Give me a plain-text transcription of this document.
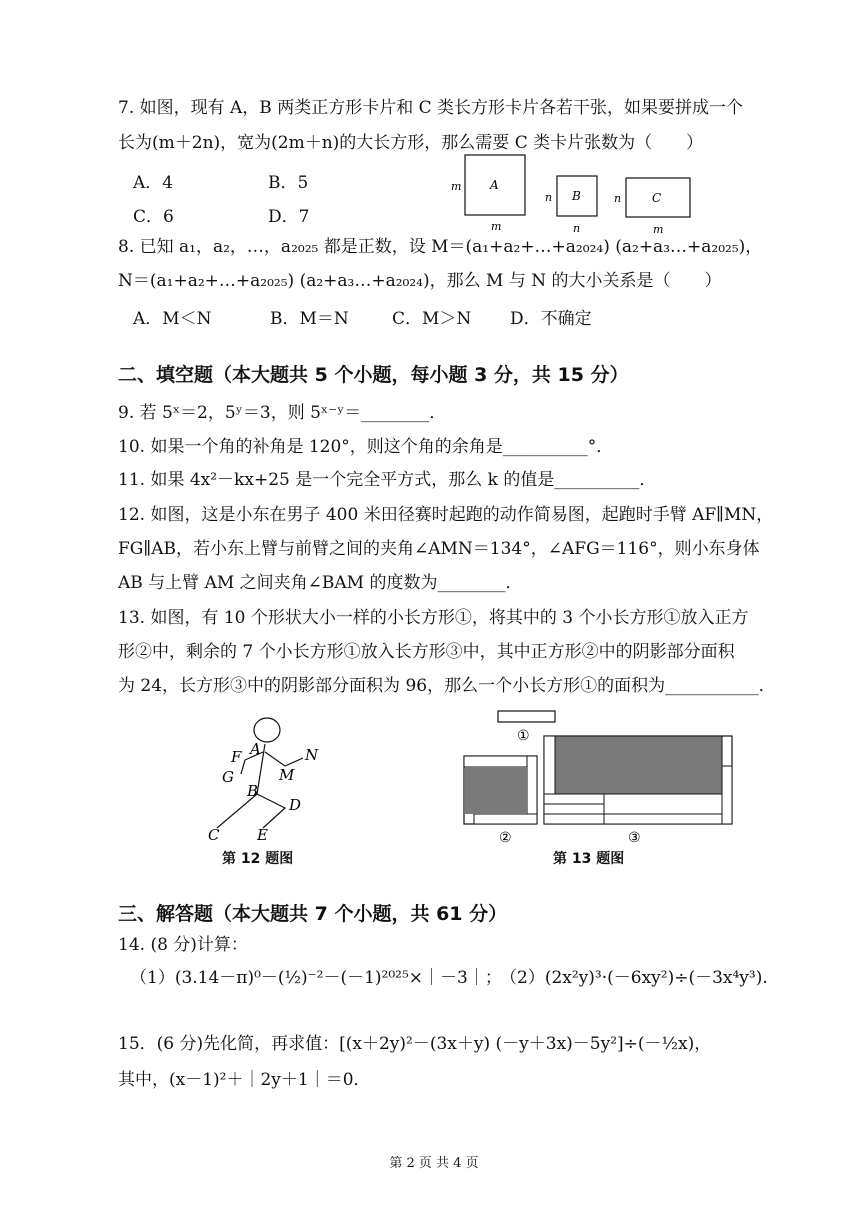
7. 如图，现有 A，B 两类正方形卡片和 C 类长方形卡片各若干张，如果要拼成一个
长为(m＋2n)，宽为(2m＋n)的大长方形，那么需要 C 类卡片张数为（　　）
A．4	B．5
C．6	D．7
A
m
m
B
n
n
C
n
m
8. 已知 a₁，a₂，…，a₂₀₂₅ 都是正数，设 M＝(a₁+a₂+…+a₂₀₂₄) (a₂+a₃…+a₂₀₂₅)，
N＝(a₁+a₂+…+a₂₀₂₅) (a₂+a₃…+a₂₀₂₄)，那么 M 与 N 的大小关系是（　　）
A．M＜N	B．M＝N	C．M＞N D．不确定
二、填空题（本大题共 5 个小题，每小题 3 分，共 15 分）
9. 若 5ˣ＝2，5ʸ＝3，则 5ˣ⁻ʸ＝________．
10. 如果一个角的补角是 120°，则这个角的余角是__________°．
11. 如果 4x²－kx+25 是一个完全平方式，那么 k 的值是__________．
12. 如图，这是小东在男子 400 米田径赛时起跑的动作简易图，起跑时手臂 AF∥MN，
FG∥AB，若小东上臂与前臂之间的夹角∠AMN＝134°，∠AFG＝116°，则小东身体
AB 与上臂 AM 之间夹角∠BAM 的度数为________．
13. 如图，有 10 个形状大小一样的小长方形①，将其中的 3 个小长方形①放入正方
形②中，剩余的 7 个小长方形①放入长方形③中，其中正方形②中的阴影部分面积
为 24，长方形③中的阴影部分面积为 96，那么一个小长方形①的面积为___________．
A
F
G
N
M
B
D
C	E
第 12 题图
①
②	③
第 13 题图
三、解答题（本大题共 7 个小题，共 61 分）
14. (8 分)计算：
（1）(3.14－π)⁰－(½)⁻²－(－1)²⁰²⁵×｜－3｜；
（2）(2x²y)³·(－6xy²)÷(－3x⁴y³).
15．(6 分)先化简，再求值：[(x＋2y)²－(3x＋y) (－y＋3x)－5y²]÷(－½x)，
其中，(x－1)²＋｜2y＋1｜＝0．
第 2 页 共 4 页
